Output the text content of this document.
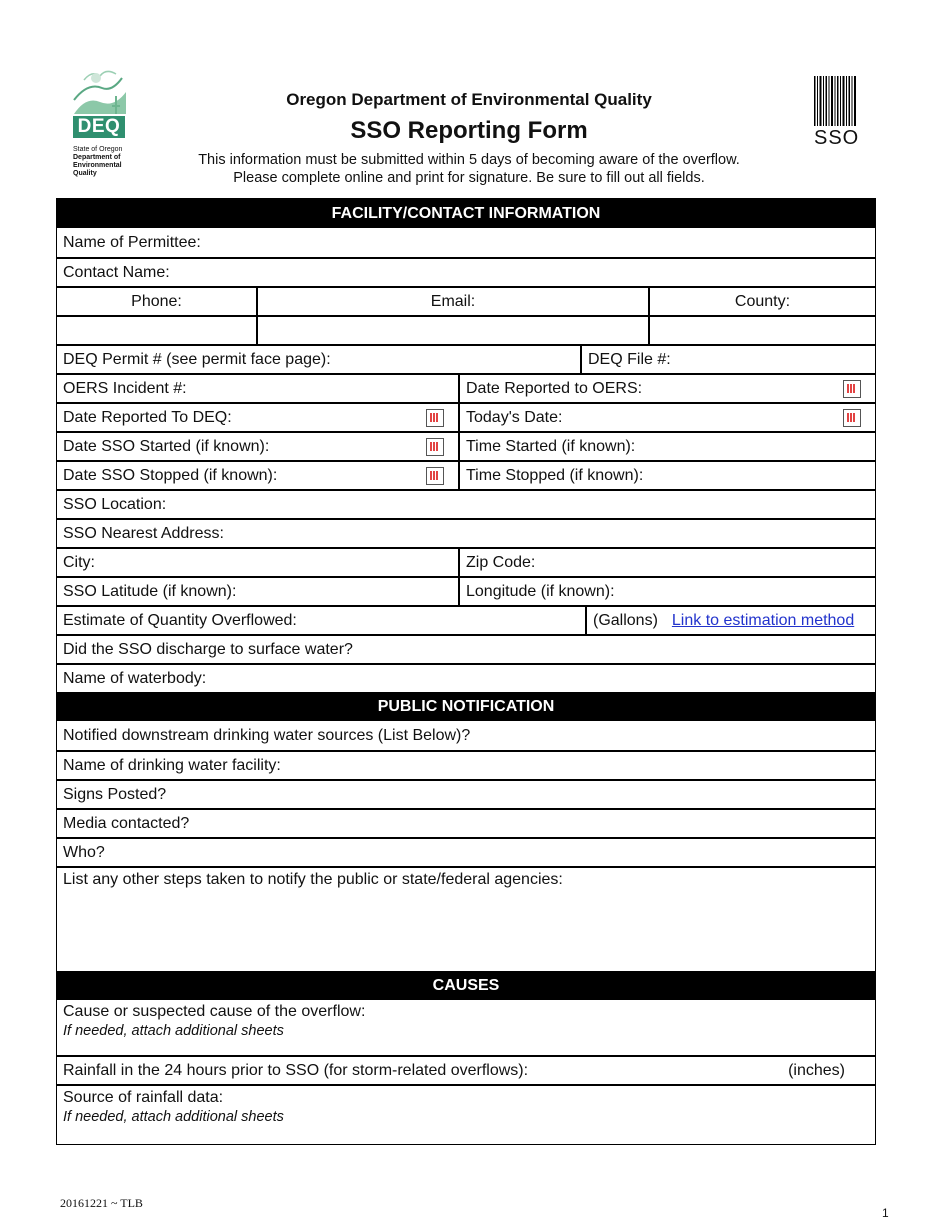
DEQ
State of Oregon
Department of
Environmental
Quality
Oregon Department of Environmental Quality
SSO Reporting Form
This information must be submitted within 5 days of becoming aware of the overflow.
Please complete online and print for signature. Be sure to fill out all fields.
SSO
FACILITY/CONTACT INFORMATION
Name of Permittee:
Contact Name:
Phone:	Email:	County:
DEQ Permit # (see permit face page):	DEQ File #:
OERS Incident #:	Date Reported to OERS:
Date Reported To DEQ:	Today's Date:
Date SSO Started (if known):	Time Started (if known):
Date SSO Stopped (if known):	Time Stopped (if known):
SSO Location:
SSO Nearest Address:
City:	Zip Code:
SSO Latitude (if known):	Longitude (if known):
Estimate of Quantity Overflowed:	(Gallons) Link to estimation method
Did the SSO discharge to surface water?
Name of waterbody:
PUBLIC NOTIFICATION
Notified downstream drinking water sources (List Below)?
Name of drinking water facility:
Signs Posted?
Media contacted?
Who?
List any other steps taken to notify the public or state/federal agencies:
CAUSES
Cause or suspected cause of the overflow:
If needed, attach additional sheets
Rainfall in the 24 hours prior to SSO (for storm-related overflows):	(inches)
Source of rainfall data:
If needed, attach additional sheets
20161221 ~ TLB
1
